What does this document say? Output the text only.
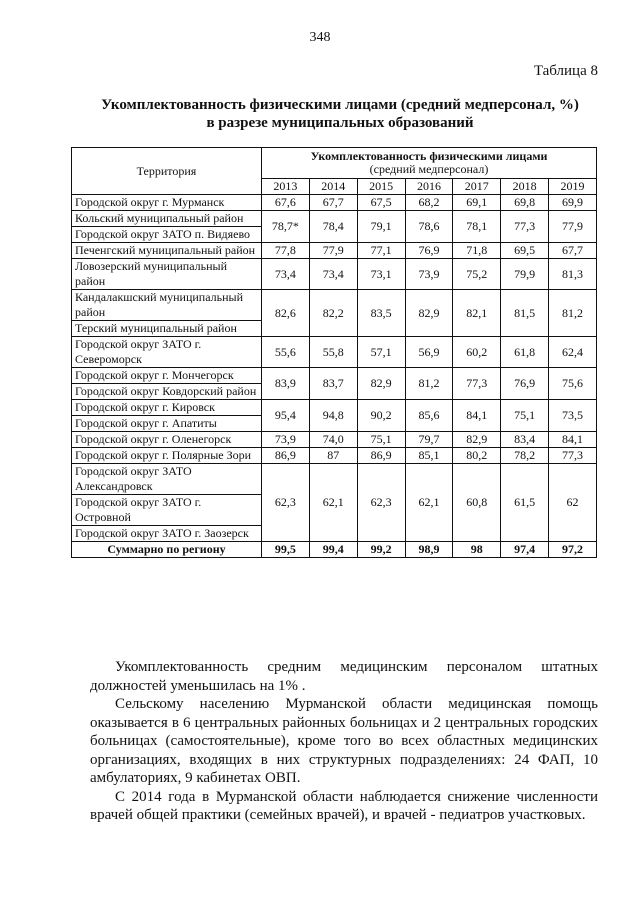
348
Таблица 8
Укомплектованность физическими лицами (средний медперсонал, %)
в разрезе муниципальных образований
Территория	Укомплектованность физическими лицами
(средний медперсонал)						

	2013	2014	2015	2016	2017	2018	2019
Городской округ г. Мурманск	67,6	67,7	67,5	68,2	69,1	69,8	69,9
Кольский муниципальный район	78,7*	78,4	79,1	78,6	78,1	77,3	77,9
Городской округ ЗАТО п. Видяево							
Печенгский муниципальный район	77,8	77,9	77,1	76,9	71,8	69,5	67,7
Ловозерский муниципальный район	73,4	73,4	73,1	73,9	75,2	79,9	81,3
Кандалакшский муниципальный район	82,6	82,2	83,5	82,9	82,1	81,5	81,2
Терский муниципальный район							
Городской округ ЗАТО г. Североморск	55,6	55,8	57,1	56,9	60,2	61,8	62,4
Городской округ г. Мончегорск	83,9	83,7	82,9	81,2	77,3	76,9	75,6
Городской округ Ковдорский район							
Городской округ г. Кировск	95,4	94,8	90,2	85,6	84,1	75,1	73,5
Городской округ г. Апатиты							
Городской округ г. Оленегорск	73,9	74,0	75,1	79,7	82,9	83,4	84,1
Городской округ г. Полярные Зори	86,9	87	86,9	85,1	80,2	78,2	77,3
Городской округ ЗАТО Александровск	62,3	62,1	62,3	62,1	60,8	61,5	62
Городской округ ЗАТО г. Островной							
Городской округ ЗАТО г. Заозерск							
Суммарно по региону	99,5	99,4	99,2	98,9	98	97,4	97,2

Укомплектованность средним медицинским персоналом штатных должностей уменьшилась на 1% .

Сельскому населению Мурманской области медицинская помощь оказывается в 6 центральных районных больницах и 2 центральных городских больницах (самостоятельные), кроме того во всех областных медицинских организациях, входящих в них структурных подразделениях: 24 ФАП, 10 амбулаториях, 9 кабинетах ОВП.

С 2014 года в Мурманской области наблюдается снижение численности врачей общей практики (семейных врачей), и врачей - педиатров участковых.
